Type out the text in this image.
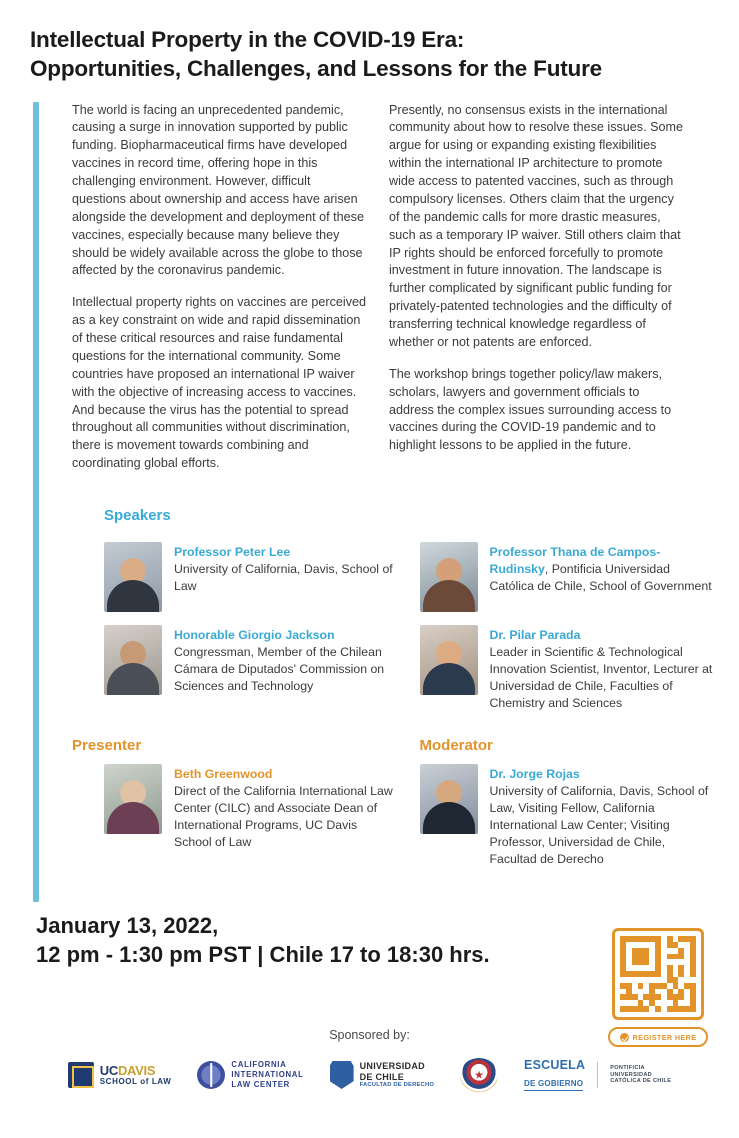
Intellectual Property in the COVID-19 Era:
Opportunities, Challenges, and Lessons for the Future

The world is facing an unprecedented pandemic, causing a surge in innovation supported by public funding. Biopharmaceutical firms have developed vaccines in record time, offering hope in this challenging environment. However, difficult questions about ownership and access have arisen alongside the development and deployment of these vaccines, especially because many believe they should be widely available across the globe to those affected by the coronavirus pandemic.

Intellectual property rights on vaccines are perceived as a key constraint on wide and rapid dissemination of these critical resources and raise fundamental questions for the international community. Some countries have proposed an international IP waiver with the objective of increasing access to vaccines. And because the virus has the potential to spread throughout all communities without discrimination, there is movement towards combining and coordinating global efforts.

Presently, no consensus exists in the international community about how to resolve these issues. Some argue for using or expanding existing flexibilities within the international IP architecture to promote wide access to patented vaccines, such as through compulsory licenses. Others claim that the urgency of the pandemic calls for more drastic measures, such as a temporary IP waiver. Still others claim that IP rights should be enforced forcefully to promote investment in future innovation. The landscape is further complicated by significant public funding for privately-patented technologies and the difficulty of transferring technical knowledge regardless of whether or not patents are enforced.

The workshop brings together policy/law makers, scholars, lawyers and government officials to address the complex issues surrounding access to vaccines during the COVID-19 pandemic and to highlight lessons to be applied in the future.

Speakers
Professor Peter Lee
University of California, Davis, School of Law
Honorable Giorgio Jackson
Congressman, Member of the Chilean Cámara de Diputados' Commission on Sciences and Technology
Professor Thana de Campos-Rudinsky, Pontificia Universidad Católica de Chile, School of Government
Dr. Pilar Parada
Leader in Scientific & Technological Innovation Scientist, Inventor, Lecturer at Universidad de Chile, Faculties of Chemistry and Sciences
Presenter
Beth Greenwood
Direct of the California International Law Center (CILC) and Associate Dean of International Programs, UC Davis School of Law
Moderator
Dr. Jorge Rojas
University of California, Davis, School of Law, Visiting Fellow, California International Law Center; Visiting Professor, Universidad de Chile, Facultad de Derecho
January 13, 2022,
12 pm - 1:30 pm PST | Chile 17 to 18:30 hrs.
REGISTER HERE
Sponsored by:
UCDAVIS
SCHOOL of LAW
CALIFORNIA
INTERNATIONAL
LAW CENTER
UNIVERSIDAD
DE CHILE
FACULTAD DE DERECHO
ESCUELA
DE GOBIERNO
PONTIFICIA
UNIVERSIDAD
CATÓLICA DE CHILE
